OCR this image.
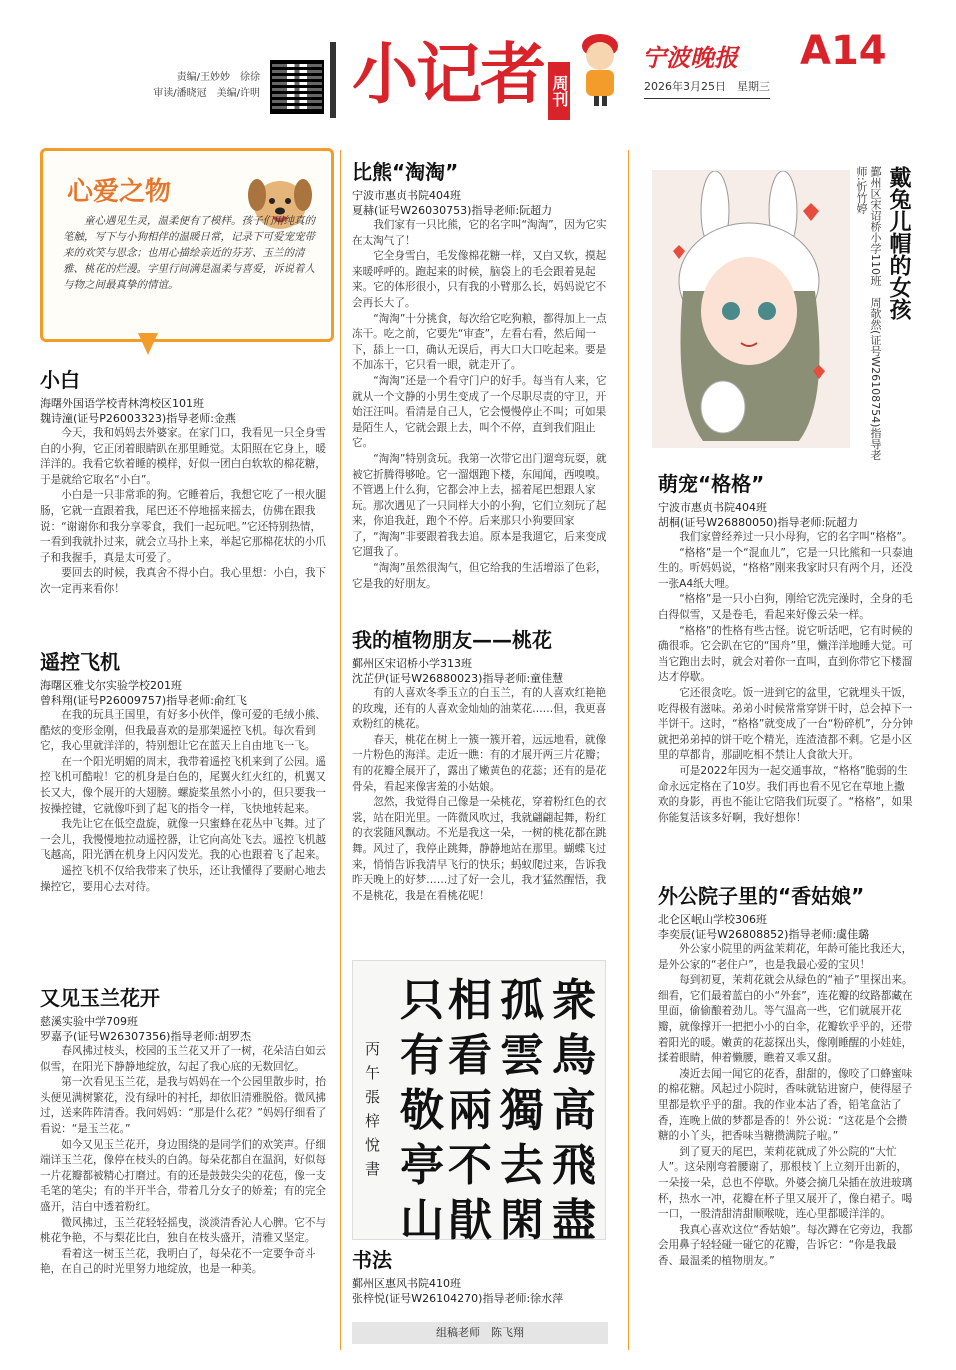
责编/王妙妙　徐徐
审读/潘晓冠　美编/许明 小记者 周刊
宁波晚报
2026年3月25日　星期三
A14
心爱之物
童心遇见生灵，温柔便有了模样。孩子们用纯真的笔触，写下与小狗相伴的温暖日常，记录下可爱宠宠带来的欢笑与思念；也用心描绘亲近的芬芳、玉兰的清雅、桃花的烂漫。字里行间满是温柔与喜爱，诉说着人与物之间最真挚的情谊。
小白
海曙外国语学校青林湾校区101班
魏诗潼(证号P26003323)指导老师:金燕

今天，我和妈妈去外婆家。在家门口，我看见一只全身雪白的小狗，它正闭着眼睛趴在那里睡觉。太阳照在它身上，暖洋洋的。我看它软着睡的模样，好似一团白白软软的棉花糖，于是就给它取名“小白”。

小白是一只非常乖的狗。它睡着后，我想它吃了一根火腿肠，它就一直跟着我，尾巴还不停地摇来摇去，仿佛在跟我说：“谢谢你和我分享零食，我们一起玩吧。”它还特别热情，一看到我就扑过来，就会立马扑上来，举起它那棉花状的小爪子和我握手，真是太可爱了。

要回去的时候，我真舍不得小白。我心里想：小白，我下次一定再来看你！

遥控飞机
海曙区雅戈尔实验学校201班
曾科翔(证号P26009757)指导老师:俞红飞

在我的玩具王国里，有好多小伙伴，像可爱的毛绒小熊、酷炫的变形金刚，但我最喜欢的是那架遥控飞机。每次看到它，我心里就洋洋的，特别想让它在蓝天上自由地飞一飞。

在一个阳光明媚的周末，我带着遥控飞机来到了公园。遥控飞机可酷啦！它的机身是白色的，尾翼火红火红的，机翼又长又大，像个展开的大翅膀。螺旋桨虽然小小的，但只要我一按操控键，它就像吓到了起飞的指令一样，飞快地转起来。

我先让它在低空盘旋，就像一只蜜蜂在花丛中飞舞。过了一会儿，我慢慢地拉动遥控器，让它向高处飞去。遥控飞机越飞越高，阳光洒在机身上闪闪发光。我的心也跟着飞了起来。

遥控飞机不仅给我带来了快乐，还让我懂得了要耐心地去操控它，要用心去对待。

又见玉兰花开
慈溪实验中学709班
罗嘉予(证号W26307356)指导老师:胡罗杰

春风拂过枝头，校园的玉兰花又开了一树，花朵洁白如云似雪，在阳光下静静地绽放，勾起了我心底的无数回忆。

第一次看见玉兰花，是我与妈妈在一个公园里散步时，抬头便见满树繁花，没有绿叶的衬托，却依旧清雅脱俗。微风拂过，送来阵阵清香。我问妈妈：“那是什么花？”妈妈仔细看了看说：“是玉兰花。”

如今又见玉兰花开，身边围绕的是同学们的欢笑声。仔细端详玉兰花，像停在枝头的白鸽。每朵花都自在温润，好似每一片花瓣都被精心打磨过。有的还是鼓鼓尖尖的花苞，像一支毛笔的笔尖；有的半开半合，带着几分女子的娇羞；有的完全盛开，洁白中透着粉红。

微风拂过，玉兰花轻轻摇曳，淡淡清香沁人心脾。它不与桃花争艳，不与梨花比白，独自在枝头盛开，清雅又坚定。

看着这一树玉兰花，我明白了，每朵花不一定要争奇斗艳，在自己的时光里努力地绽放，也是一种美。

比熊“淘淘”
宁波市惠贞书院404班
夏赫(证号W26030753)指导老师:阮超力

我们家有一只比熊，它的名字叫“淘淘”，因为它实在太淘气了！

它全身雪白，毛发像棉花糖一样，又白又软，摸起来暖呼呼的。跑起来的时候，脑袋上的毛会跟着晃起来。它的体形很小，只有我的小臂那么长，妈妈说它不会再长大了。

“淘淘”十分挑食，每次给它吃狗粮，都得加上一点冻干。吃之前，它要先“审查”，左看右看，然后闻一下，舔上一口，确认无误后，再大口大口吃起来。要是不加冻干，它只看一眼，就走开了。

“淘淘”还是一个看守门户的好手。每当有人来，它就从一个文静的小男生变成了一个尽职尽责的守卫，开始汪汪叫。看清是自己人，它会慢慢停止不叫；可如果是陌生人，它就会跟上去，叫个不停，直到我们阻止它。

“淘淘”特别贪玩。我第一次带它出门遛弯玩耍，就被它折腾得够呛。它一溜烟跑下楼，东闻闻，西嗅嗅。不管遇上什么狗，它都会冲上去，摇着尾巴想跟人家玩。那次遇见了一只同样大小的小狗，它们立刻玩了起来，你追我赶，跑个不停。后来那只小狗要回家了，“淘淘”非要跟着我去追。原本是我遛它，后来变成它遛我了。

“淘淘”虽然很淘气，但它给我的生活增添了色彩，它是我的好朋友。

我的植物朋友——桃花
鄞州区宋诏桥小学313班
沈芷伊(证号W26880023)指导老师:童佳慧

有的人喜欢冬季玉立的白玉兰，有的人喜欢红艳艳的玫瑰，还有的人喜欢金灿灿的油菜花……但，我更喜欢粉红的桃花。

春天，桃花在树上一簇一簇开着，远远地看，就像一片粉色的海洋。走近一瞧：有的才展开两三片花瓣；有的花瓣全展开了，露出了嫩黄色的花蕊；还有的是花骨朵，看起来像害羞的小姑娘。

忽然，我觉得自己像是一朵桃花，穿着粉红色的衣裳，站在阳光里。一阵微风吹过，我就翩翩起舞，粉红的衣裳随风飘动。不光是我这一朵，一树的桃花都在跳舞。风过了，我停止跳舞，静静地站在那里。蝴蝶飞过来，悄悄告诉我清早飞行的快乐；蚂蚁爬过来，告诉我昨天晚上的好梦……过了好一会儿，我才猛然醒悟，我不是桃花，我是在看桃花呢！

衆鳥高飛盡
孤雲獨去閑
相看兩不猒
只有敬亭山
丙午張梓悅書
书法
鄞州区惠风书院410班
张梓悦(证号W26104270)指导老师:徐水萍
组稿老师　陈飞翔
鄞州区宋诏桥小学110班　周欹然(证号W26108754)指导老师:忻竹婷 戴兔儿帽的女孩
萌宠“格格”
宁波市惠贞书院404班
胡桐(证号W26880050)指导老师:阮超力

我们家曾经养过一只小母狗，它的名字叫“格格”。

“格格”是一个“混血儿”，它是一只比熊和一只泰迪生的。听妈妈说，“格格”刚来我家时只有两个月，还没一张A4纸大哩。

“格格”是一只小白狗，刚给它洗完澡时，全身的毛白得似雪，又是卷毛，看起来好像云朵一样。

“格格”的性格有些古怪。说它听话吧，它有时候的确很乖。它会趴在它的“国舟”里，懒洋洋地睡大觉。可当它跑出去时，就会对着你一直叫，直到你带它下楼溜达才停歇。

它还很贪吃。饭一进到它的盆里，它就埋头干饭，吃得极有滋味。弟弟小时候常常穿饼干时，总会掉下一半饼干。这时，“格格”就变成了一台“粉碎机”，分分钟就把弟弟掉的饼干吃个精光，连渣渣都不剩。它是小区里的草都肯，那副吃相不禁让人食欲大开。

可是2022年因为一起交通事故，“格格”脆弱的生命永远定格在了10岁。我们再也看不见它在草地上撒欢的身影，再也不能让它陪我们玩耍了。“格格”，如果你能复活该多好啊，我好想你！

外公院子里的“香姑娘”
北仑区岷山学校306班
李奕辰(证号W26808852)指导老师:虞佳璐

外公家小院里的两盆茉莉花，年龄可能比我还大，是外公家的“老住户”，也是我最心爱的宝贝！

每到初夏，茉莉花就会从绿色的“袖子”里探出来。细看，它们最着蓝白的小“外套”，连花瓣的纹路都藏在里面，偷偷酿着劲儿。等气温高一些，它们就展开花瓣，就像撑开一把把小小的白伞，花瓣软乎乎的，还带着阳光的暖。嫩黄的花蕊探出头，像刚睡醒的小娃娃，揉着眼睛，伸着懒腰，瞧着又乖又甜。

凑近去闻一闻它的花香，甜甜的，像咬了口蜂蜜味的棉花糖。风起过小院时，香味就钻进窗户，使得屋子里都是软乎乎的甜。我的作业本沾了香，铅笔盒沾了香，连晚上做的梦都是香的！外公说：“这花是个会攒糖的小丫头，把香味当糖攒满院子啦。”

到了夏天的尾巴，茉莉花就成了外公院的“大忙人”。这朵刚弯着腰谢了，那根枝丫上立刻开出新的，一朵接一朵，总也不停歇。外婆会摘几朵插在放进玻璃杯，热水一冲，花瓣在杯子里又展开了，像白裙子。喝一口，一股清甜清甜顺喉咙，连心里都暖洋洋的。

我真心喜欢这位“香姑娘”。每次蹲在它旁边，我都会用鼻子轻轻碰一碰它的花瓣，告诉它：“你是我最香、最温柔的植物朋友。”
